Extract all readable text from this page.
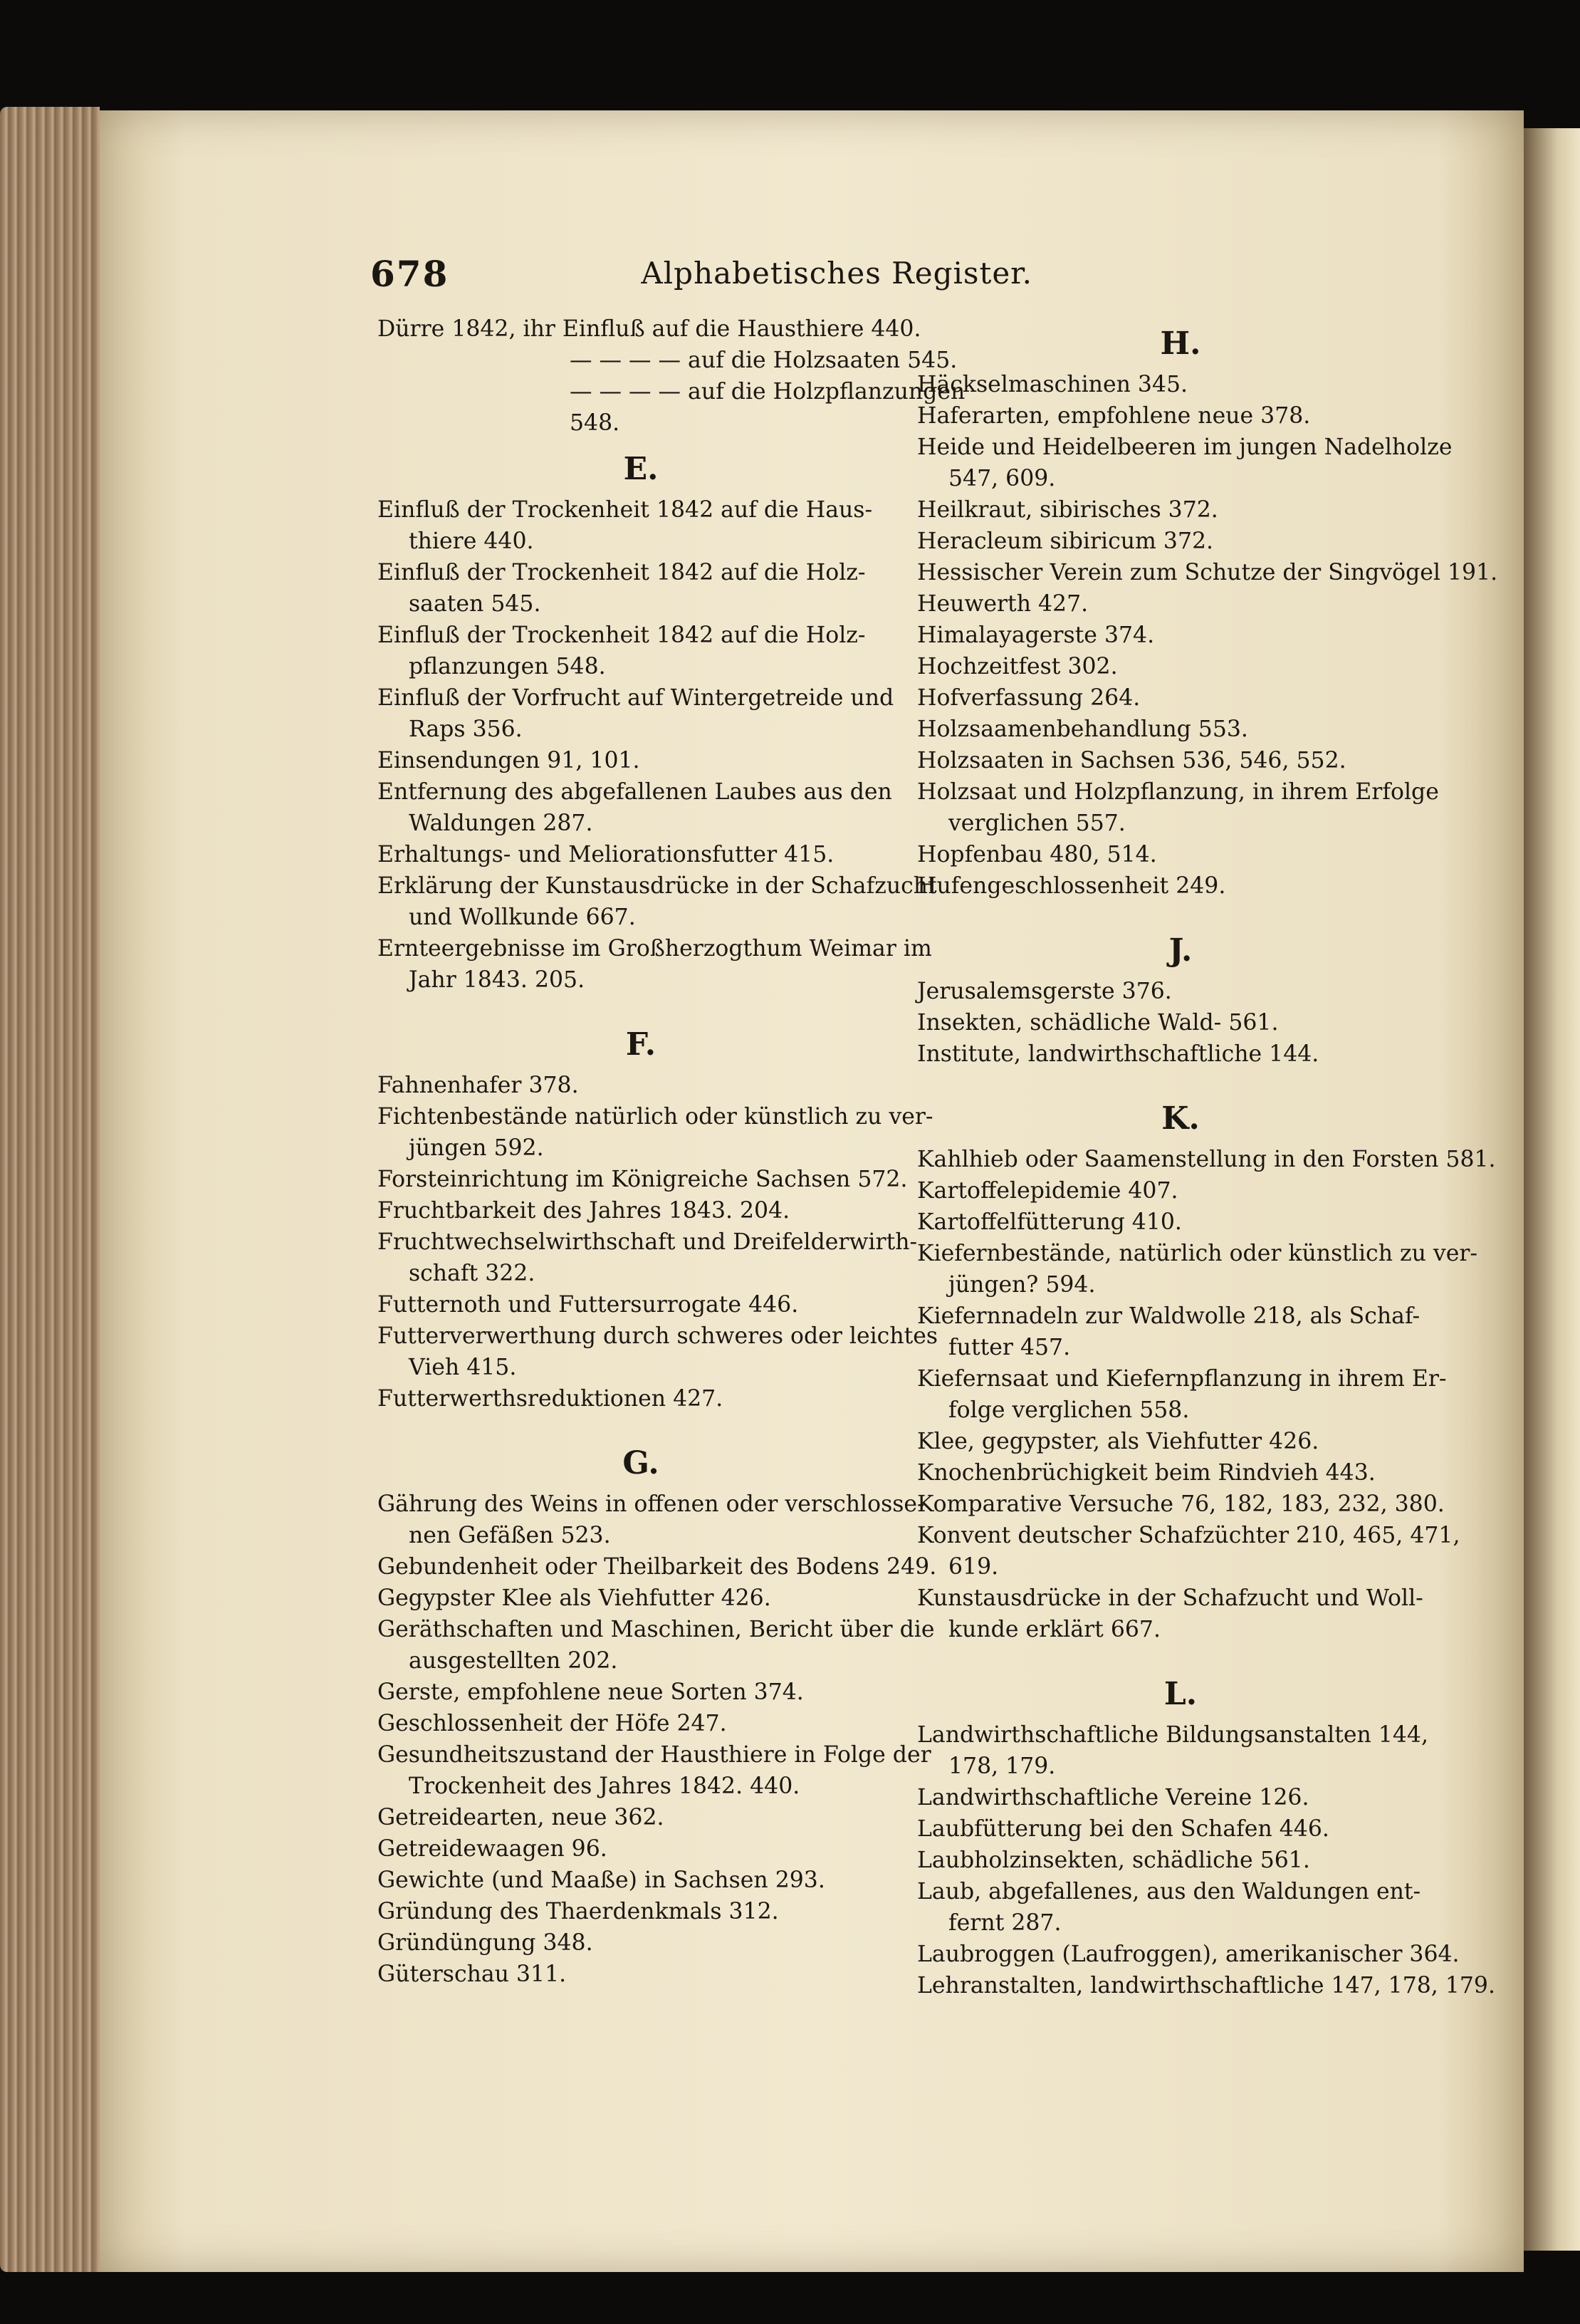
678	Alphabetisches Register.
Dürre 1842, ihr Einfluß auf die Hausthiere 440.
— — — — auf die Holzsaaten 545.
— — — — auf die Holzpflanzungen
548.
E.
Einfluß der Trockenheit 1842 auf die Haus-
thiere 440.
Einfluß der Trockenheit 1842 auf die Holz-
saaten 545.
Einfluß der Trockenheit 1842 auf die Holz-
pflanzungen 548.
Einfluß der Vorfrucht auf Wintergetreide und
Raps 356.
Einsendungen 91, 101.
Entfernung des abgefallenen Laubes aus den
Waldungen 287.
Erhaltungs- und Meliorationsfutter 415.
Erklärung der Kunstausdrücke in der Schafzucht
und Wollkunde 667.
Ernteergebnisse im Großherzogthum Weimar im
Jahr 1843. 205.
F.
Fahnenhafer 378.
Fichtenbestände natürlich oder künstlich zu ver-
jüngen 592.
Forsteinrichtung im Königreiche Sachsen 572.
Fruchtbarkeit des Jahres 1843. 204.
Fruchtwechselwirthschaft und Dreifelderwirth-
schaft 322.
Futternoth und Futtersurrogate 446.
Futterverwerthung durch schweres oder leichtes
Vieh 415.
Futterwerthsreduktionen 427.
G.
Gährung des Weins in offenen oder verschlosse-
nen Gefäßen 523.
Gebundenheit oder Theilbarkeit des Bodens 249.
Gegypster Klee als Viehfutter 426.
Geräthschaften und Maschinen, Bericht über die
ausgestellten 202.
Gerste, empfohlene neue Sorten 374.
Geschlossenheit der Höfe 247.
Gesundheitszustand der Hausthiere in Folge der
Trockenheit des Jahres 1842. 440.
Getreidearten, neue 362.
Getreidewaagen 96.
Gewichte (und Maaße) in Sachsen 293.
Gründung des Thaerdenkmals 312.
Gründüngung 348.
Güterschau 311.
H.
Häckselmaschinen 345.
Haferarten, empfohlene neue 378.
Heide und Heidelbeeren im jungen Nadelholze
547, 609.
Heilkraut, sibirisches 372.
Heracleum sibiricum 372.
Hessischer Verein zum Schutze der Singvögel 191.
Heuwerth 427.
Himalayagerste 374.
Hochzeitfest 302.
Hofverfassung 264.
Holzsaamenbehandlung 553.
Holzsaaten in Sachsen 536, 546, 552.
Holzsaat und Holzpflanzung, in ihrem Erfolge
verglichen 557.
Hopfenbau 480, 514.
Hufengeschlossenheit 249.
J.
Jerusalemsgerste 376.
Insekten, schädliche Wald- 561.
Institute, landwirthschaftliche 144.
K.
Kahlhieb oder Saamenstellung in den Forsten 581.
Kartoffelepidemie 407.
Kartoffelfütterung 410.
Kiefernbestände, natürlich oder künstlich zu ver-
jüngen? 594.
Kiefernnadeln zur Waldwolle 218, als Schaf-
futter 457.
Kiefernsaat und Kiefernpflanzung in ihrem Er-
folge verglichen 558.
Klee, gegypster, als Viehfutter 426.
Knochenbrüchigkeit beim Rindvieh 443.
Komparative Versuche 76, 182, 183, 232, 380.
Konvent deutscher Schafzüchter 210, 465, 471,
619.
Kunstausdrücke in der Schafzucht und Woll-
kunde erklärt 667.
L.
Landwirthschaftliche Bildungsanstalten 144,
178, 179.
Landwirthschaftliche Vereine 126.
Laubfütterung bei den Schafen 446.
Laubholzinsekten, schädliche 561.
Laub, abgefallenes, aus den Waldungen ent-
fernt 287.
Laubroggen (Laufroggen), amerikanischer 364.
Lehranstalten, landwirthschaftliche 147, 178, 179.
